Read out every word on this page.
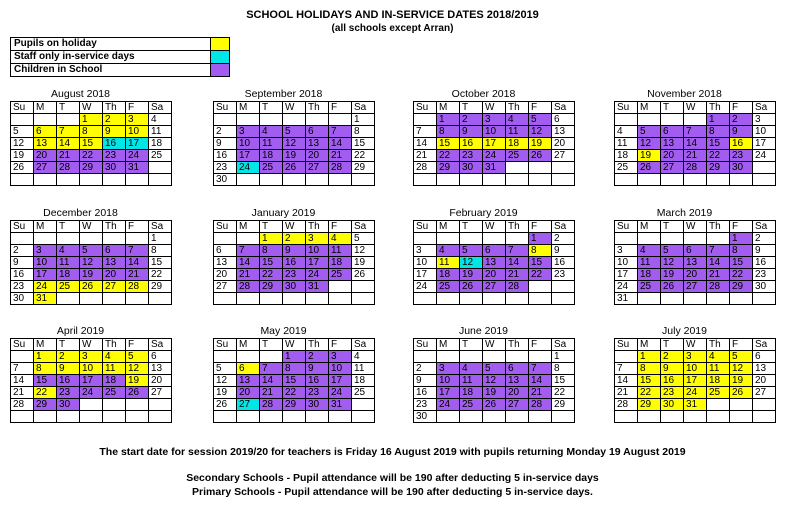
SCHOOL HOLIDAYS AND IN-SERVICE DATES 2018/2019
(all schools except Arran)
Pupils on holiday	
Staff only in-service days	
Children in School	
August 2018
Su	M	T	W	Th	F	Sa
			1	2	3	4
5	6	7	8	9	10	11
12	13	14	15	16	17	18
19	20	21	22	23	24	25
26	27	28	29	30	31	

September 2018
Su	M	T	W	Th	F	Sa
						1
2	3	4	5	6	7	8
9	10	11	12	13	14	15
16	17	18	19	20	21	22
23	24	25	26	27	28	29
30						
October 2018
Su	M	T	W	Th	F	Sa
	1	2	3	4	5	6
7	8	9	10	11	12	13
14	15	16	17	18	19	20
21	22	23	24	25	26	27
28	29	30	31			

November 2018
Su	M	T	W	Th	F	Sa
				1	2	3
4	5	6	7	8	9	10
11	12	13	14	15	16	17
18	19	20	21	22	23	24
25	26	27	28	29	30	

December 2018
Su	M	T	W	Th	F	Sa
						1
2	3	4	5	6	7	8
9	10	11	12	13	14	15
16	17	18	19	20	21	22
23	24	25	26	27	28	29
30	31					
January 2019
Su	M	T	W	Th	F	Sa
		1	2	3	4	5
6	7	8	9	10	11	12
13	14	15	16	17	18	19
20	21	22	23	24	25	26
27	28	29	30	31		

February 2019
Su	M	T	W	Th	F	Sa
					1	2
3	4	5	6	7	8	9
10	11	12	13	14	15	16
17	18	19	20	21	22	23
24	25	26	27	28		

March 2019
Su	M	T	W	Th	F	Sa
					1	2
3	4	5	6	7	8	9
10	11	12	13	14	15	16
17	18	19	20	21	22	23
24	25	26	27	28	29	30
31						
April 2019
Su	M	T	W	Th	F	Sa
	1	2	3	4	5	6
7	8	9	10	11	12	13
14	15	16	17	18	19	20
21	22	23	24	25	26	27
28	29	30				

May 2019
Su	M	T	W	Th	F	Sa
			1	2	3	4
5	6	7	8	9	10	11
12	13	14	15	16	17	18
19	20	21	22	23	24	25
26	27	28	29	30	31	

June 2019
Su	M	T	W	Th	F	Sa
						1
2	3	4	5	6	7	8
9	10	11	12	13	14	15
16	17	18	19	20	21	22
23	24	25	26	27	28	29
30						
July 2019
Su	M	T	W	Th	F	Sa
	1	2	3	4	5	6
7	8	9	10	11	12	13
14	15	16	17	18	19	20
21	22	23	24	25	26	27
28	29	30	31			

The start date for session 2019/20 for teachers is Friday 16 August 2019 with pupils returning Monday 19 August 2019
Secondary Schools - Pupil attendance will be 190 after deducting 5 in-service days
Primary Schools - Pupil attendance will be 190 after deducting 5 in-service days.
